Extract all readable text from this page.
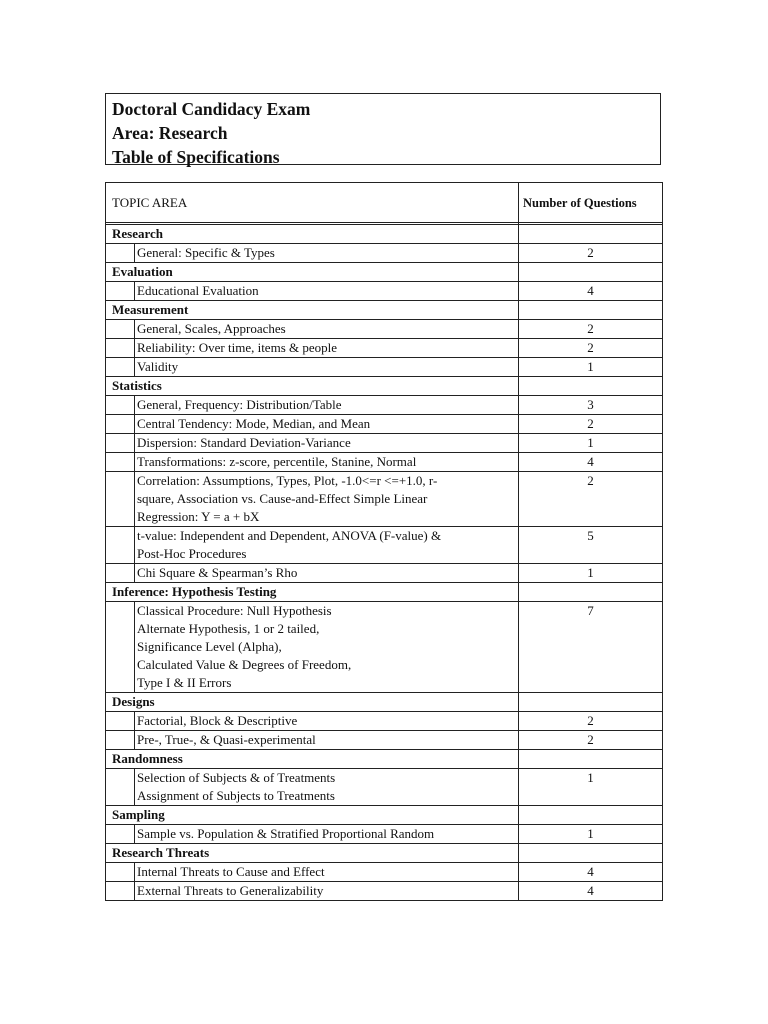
Doctoral Candidacy Exam
Area: Research
Table of Specifications
TOPIC AREA		Number of Questions

Research		
	General: Specific & Types	2
Evaluation		
	Educational Evaluation	4
Measurement		
	General, Scales, Approaches	2
	Reliability: Over time, items & people	2
	Validity	1
Statistics		
	General, Frequency: Distribution/Table	3
	Central Tendency: Mode, Median, and Mean	2
	Dispersion: Standard Deviation-Variance	1
	Transformations: z-score, percentile, Stanine, Normal	4
	Correlation: Assumptions, Types, Plot, -1.0<=r <=+1.0, r-
square, Association vs. Cause-and-Effect Simple Linear
Regression: Y = a + bX	2
	t-value: Independent and Dependent, ANOVA (F-value) &
Post-Hoc Procedures	5
	Chi Square & Spearman’s Rho	1
Inference: Hypothesis Testing		
	Classical Procedure: Null Hypothesis
Alternate Hypothesis, 1 or 2 tailed,
Significance Level (Alpha),
Calculated Value & Degrees of Freedom,
Type I & II Errors	7
Designs		
	Factorial, Block & Descriptive	2
	Pre-, True-, & Quasi-experimental	2
Randomness		
	Selection of Subjects & of Treatments
Assignment of Subjects to Treatments	1
Sampling		
	Sample vs. Population & Stratified Proportional Random	1
Research Threats		
	Internal Threats to Cause and Effect	4
	External Threats to Generalizability	4
